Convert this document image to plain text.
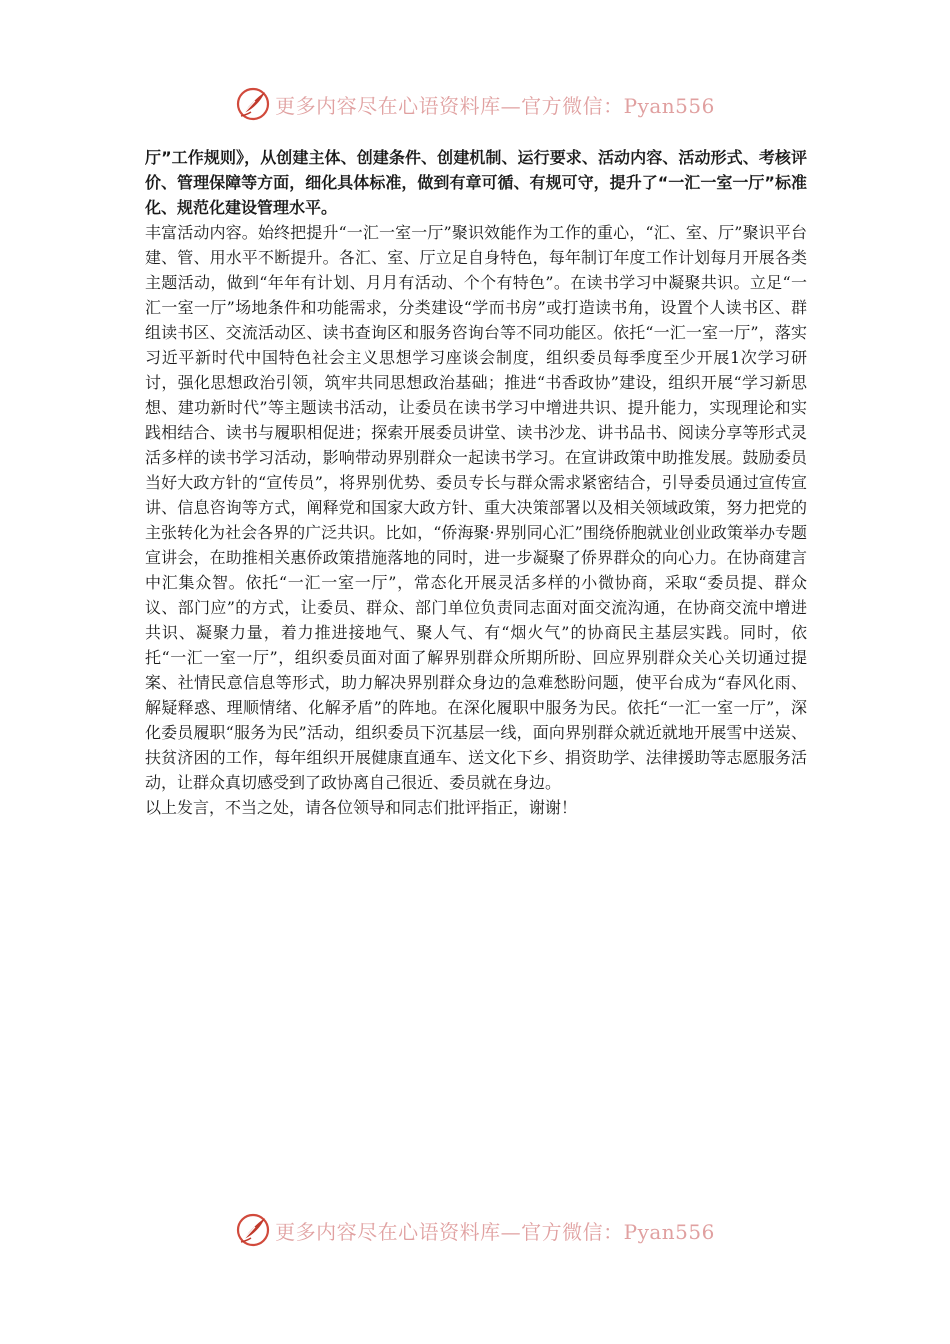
更多内容尽在心语资料库—官方微信：Pyan556

厅”工作规则》，从创建主体、创建条件、创建机制、运行要求、活动内容、活动形式、考核评价、管理保障等方面，细化具体标准，做到有章可循、有规可守，提升了“一汇一室一厅”标准化、规范化建设管理水平。

丰富活动内容。始终把提升“一汇一室一厅”聚识效能作为工作的重心，“汇、室、厅”聚识平台建、管、用水平不断提升。各汇、室、厅立足自身特色，每年制订年度工作计划每月开展各类主题活动，做到“年年有计划、月月有活动、个个有特色”。在读书学习中凝聚共识。立足“一汇一室一厅”场地条件和功能需求，分类建设“学而书房”或打造读书角，设置个人读书区、群组读书区、交流活动区、读书查询区和服务咨询台等不同功能区。依托“一汇一室一厅”，落实习近平新时代中国特色社会主义思想学习座谈会制度，组织委员每季度至少开展1次学习研讨，强化思想政治引领，筑牢共同思想政治基础；推进“书香政协”建设，组织开展“学习新思想、建功新时代”等主题读书活动，让委员在读书学习中增进共识、提升能力，实现理论和实践相结合、读书与履职相促进；探索开展委员讲堂、读书沙龙、讲书品书、阅读分享等形式灵活多样的读书学习活动，影响带动界别群众一起读书学习。在宣讲政策中助推发展。鼓励委员当好大政方针的“宣传员”，将界别优势、委员专长与群众需求紧密结合，引导委员通过宣传宣讲、信息咨询等方式，阐释党和国家大政方针、重大决策部署以及相关领域政策，努力把党的主张转化为社会各界的广泛共识。比如，“侨海聚·界别同心汇”围绕侨胞就业创业政策举办专题宣讲会，在助推相关惠侨政策措施落地的同时，进一步凝聚了侨界群众的向心力。在协商建言中汇集众智。依托“一汇一室一厅”，常态化开展灵活多样的小微协商，采取“委员提、群众议、部门应”的方式，让委员、群众、部门单位负责同志面对面交流沟通，在协商交流中增进共识、凝聚力量，着力推进接地气、聚人气、有“烟火气”的协商民主基层实践。同时，依托“一汇一室一厅”，组织委员面对面了解界别群众所期所盼、回应界别群众关心关切通过提案、社情民意信息等形式，助力解决界别群众身边的急难愁盼问题，使平台成为“春风化雨、解疑释惑、理顺情绪、化解矛盾”的阵地。在深化履职中服务为民。依托“一汇一室一厅”，深化委员履职“服务为民”活动，组织委员下沉基层一线，面向界别群众就近就地开展雪中送炭、扶贫济困的工作，每年组织开展健康直通车、送文化下乡、捐资助学、法律援助等志愿服务活动，让群众真切感受到了政协离自己很近、委员就在身边。

以上发言，不当之处，请各位领导和同志们批评指正，谢谢！

更多内容尽在心语资料库—官方微信：Pyan556
